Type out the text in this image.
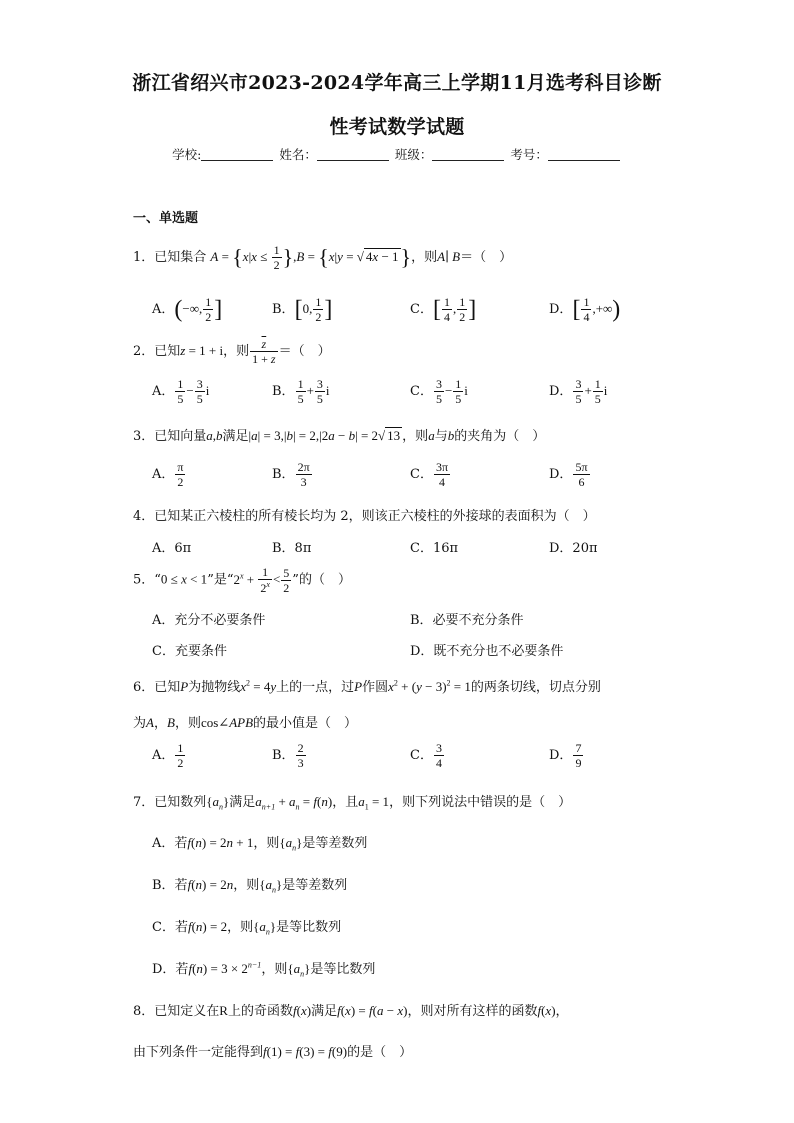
浙江省绍兴市2023-2024学年高三上学期11月选考科目诊断
性考试数学试题
学校:	姓名：	班级：	考号：
一、单选题
1．已知集合 $A = \{x|x \le \frac{1}{2} \},B = \{x|y$ = √ 4x − 1}，则A∣ B＝（　）
A．(−∞, $\frac{1}{2}$ ]	B．[0, $\frac{1}{2}$ ]	C．[ $\frac{1}{4}$ , $\frac{1}{2}$ ]	D．[ $\frac{1}{4}$ ,+∞)
2．已知z = 1 + i，则 $\frac{\overline{z}}{1 + z}$ ＝（　）
A． $\frac{1}{5} - \frac{3}{5}$ i	B． $\frac{1}{5} + \frac{3}{5}$ i	C． $\frac{3}{5} - \frac{1}{5}$ i	D． $\frac{3}{5} + \frac{1}{5}$ i
3．已知向量a,b满足|a| = 3,|b| = 2,|2a − b| = 2√ 13 ，则a与b的夹角为（　）
A． $\frac{\pi}{2}$	B． $\frac{2\pi}{3}$	C． $\frac{3\pi}{4}$	D． $\frac{5\pi}{6}$
4．已知某正六棱柱的所有棱长均为 2，则该正六棱柱的外接球的表面积为（　）
A．6π	B．8π	C．16π	D．20π
5．“0 ≤ x < 1”是“$2^x + \frac{1}{2^x} < \frac{5}{2}$ ”的（　）
A．充分不必要条件	B．必要不充分条件
C．充要条件	D．既不充分也不必要条件
6．已知P为抛物线$x^2 = 4y$上的一点，过P作圆$x^2 + (y - 3)^2 = 1$的两条切线，切点分别
为A，B，则cos∠APB的最小值是（　）
A． $\frac{1}{2}$	B． $\frac{2}{3}$	C． $\frac{3}{4}$	D． $\frac{7}{9}$
7．已知数列$\{a_n\}$满足$a_{n+1} + a_n = f(n)$，且$a_1 = 1$，则下列说法中错误的是（　）
A．若f(n) = 2n + 1，则$\{a_n\}$是等差数列
B．若f(n) = 2n，则$\{a_n\}$是等差数列
C．若f(n) = 2，则$\{a_n\}$是等比数列
D．若$f(n) = 3 \times 2^{n-1}$，则$\{a_n\}$是等比数列
8．已知定义在R上的奇函数f(x)满足f(x) = f(a − x)，则对所有这样的函数f(x)，
由下列条件一定能得到f(1) = f(3) = f(9)的是（　）
